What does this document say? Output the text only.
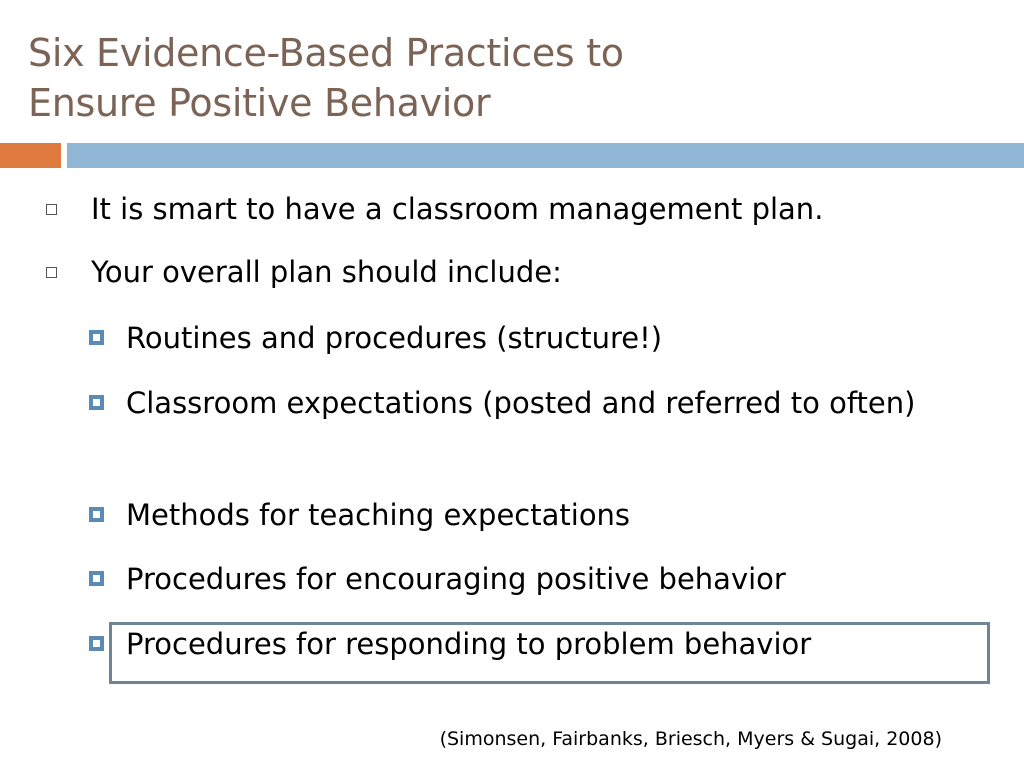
Six Evidence-Based Practices to
Ensure Positive Behavior
It is smart to have a classroom management plan.
Your overall plan should include:
Routines and procedures (structure!)
Classroom expectations (posted and referred to often)
Methods for teaching expectations
Procedures for encouraging positive behavior
Procedures for responding to problem behavior
(Simonsen, Fairbanks, Briesch, Myers & Sugai, 2008)
